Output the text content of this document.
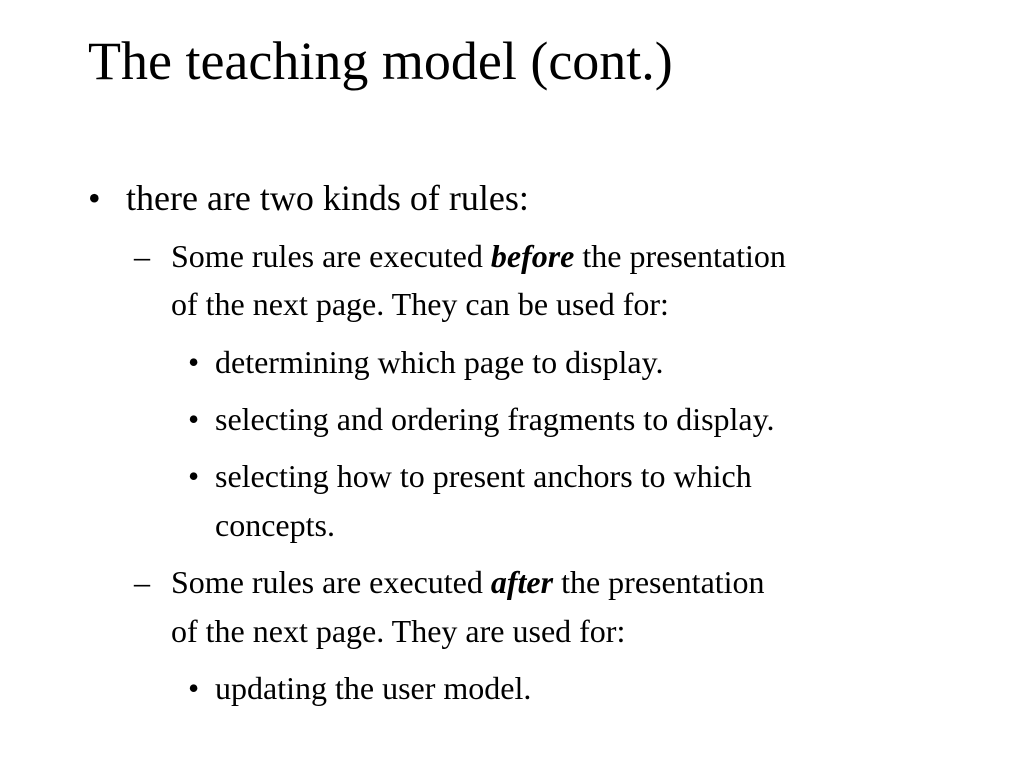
The teaching model (cont.)
• there are two kinds of rules:
– Some rules are executed before the presentation
of the next page. They can be used for:
• determining which page to display.
• selecting and ordering fragments to display.
• selecting how to present anchors to which
concepts.
– Some rules are executed after the presentation
of the next page. They are used for:
• updating the user model.
